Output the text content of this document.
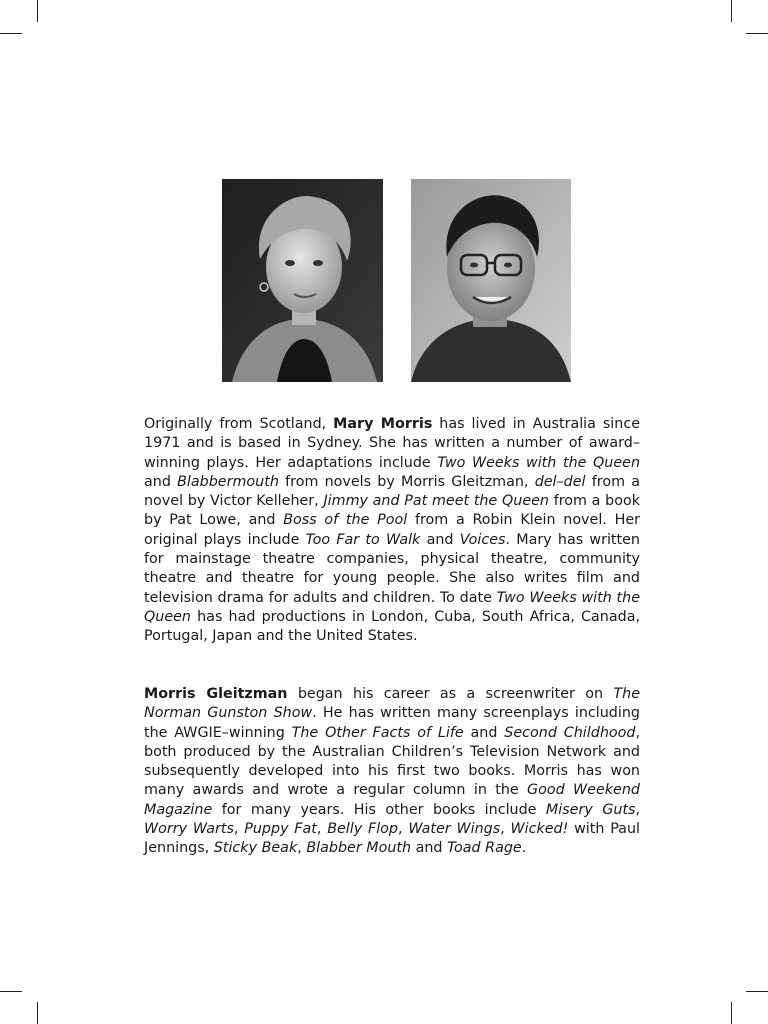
Originally from Scotland, Mary Morris has lived in Australia since 1971 and is based in Sydney. She has written a number of award–winning plays. Her adaptations include Two Weeks with the Queen and Blabbermouth from novels by Morris Gleitzman, del–del from a novel by Victor Kelleher, Jimmy and Pat meet the Queen from a book by Pat Lowe, and Boss of the Pool from a Robin Klein novel. Her original plays include Too Far to Walk and Voices. Mary has written for mainstage theatre companies, physical theatre, community theatre and theatre for young people. She also writes film and television drama for adults and children. To date Two Weeks with the Queen has had productions in London, Cuba, South Africa, Canada, Portugal, Japan and the United States.

Morris Gleitzman began his career as a screenwriter on The Norman Gunston Show. He has written many screenplays including the AWGIE–winning The Other Facts of Life and Second Childhood, both produced by the Australian Children’s Television Network and subsequently developed into his first two books. Morris has won many awards and wrote a regular column in the Good Weekend Magazine for many years. His other books include Misery Guts, Worry Warts, Puppy Fat, Belly Flop, Water Wings, Wicked! with Paul Jennings, Sticky Beak, Blabber Mouth and Toad Rage.
